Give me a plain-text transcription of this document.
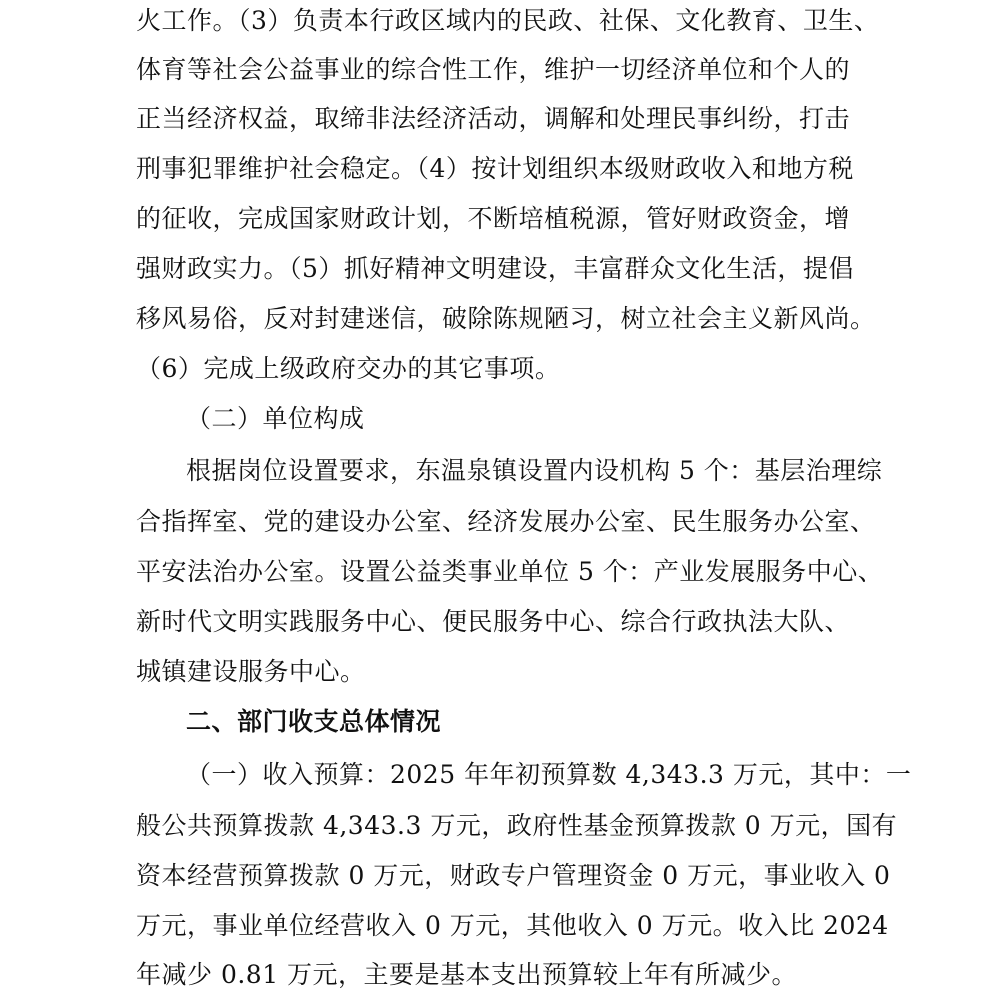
火工作。（3）负责本行政区域内的民政、社保、文化教育、卫生、
体育等社会公益事业的综合性工作，维护一切经济单位和个人的
正当经济权益，取缔非法经济活动，调解和处理民事纠纷，打击
刑事犯罪维护社会稳定。（4）按计划组织本级财政收入和地方税
的征收，完成国家财政计划，不断培植税源，管好财政资金，增
强财政实力。（5）抓好精神文明建设，丰富群众文化生活，提倡
移风易俗，反对封建迷信，破除陈规陋习，树立社会主义新风尚。
（6）完成上级政府交办的其它事项。
（二）单位构成
根据岗位设置要求，东温泉镇设置内设机构 5 个：基层治理综
合指挥室、党的建设办公室、经济发展办公室、民生服务办公室、
平安法治办公室。设置公益类事业单位 5 个：产业发展服务中心、
新时代文明实践服务中心、便民服务中心、综合行政执法大队、
城镇建设服务中心。
二、部门收支总体情况
（一）收入预算：2025 年年初预算数 4,343.3 万元，其中：一
般公共预算拨款 4,343.3 万元，政府性基金预算拨款 0 万元，国有
资本经营预算拨款 0 万元，财政专户管理资金 0 万元，事业收入 0
万元，事业单位经营收入 0 万元，其他收入 0 万元。收入比 2024
年减少 0.81 万元，主要是基本支出预算较上年有所减少。
